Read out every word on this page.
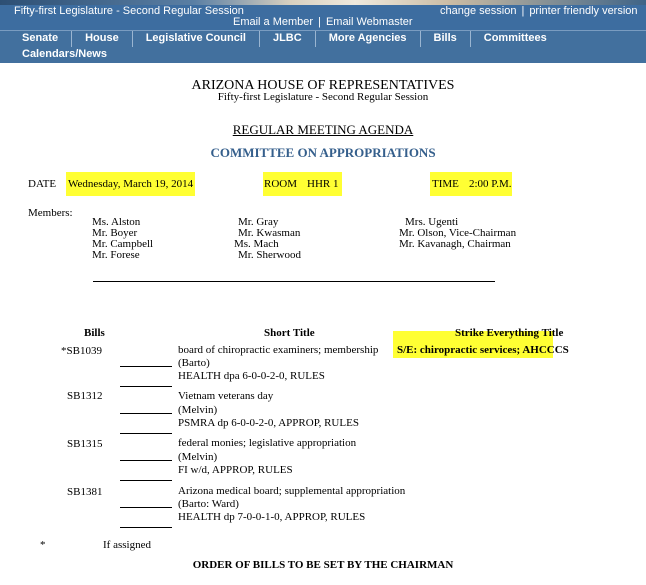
Fifty-first Legislature - Second Regular Session
Email a Member | Email Webmaster
change session | printer friendly version
Senate	House	Legislative Council	JLBC	More Agencies	Bills	Committees
Calendars/News
ARIZONA HOUSE OF REPRESENTATIVES
Fifty-first Legislature - Second Regular Session
REGULAR MEETING AGENDA
COMMITTEE ON APPROPRIATIONS
DATE Wednesday, March 19, 2014	ROOM HHR 1	TIME 2:00 P.M.
Members:
Ms. Alston
Mr. Boyer
Mr. Campbell
Mr. Forese
Mr. Gray
Mr. Kwasman
Ms. Mach
Mr. Sherwood
Mrs. Ugenti
Mr. Olson, Vice-Chairman
Mr. Kavanagh, Chairman
Bills	Short Title	Strike Everything Title
*SB1039	board of chiropractic examiners; membership
(Barto)
HEALTH dpa 6-0-0-2-0, RULES
S/E: chiropractic services; AHCCCS
SB1312	Vietnam veterans day
(Melvin)
PSMRA dp 6-0-0-2-0, APPROP, RULES
SB1315	federal monies; legislative appropriation
(Melvin)
FI w/d, APPROP, RULES
SB1381	Arizona medical board; supplemental appropriation
(Barto: Ward)
HEALTH dp 7-0-0-1-0, APPROP, RULES
*	If assigned
ORDER OF BILLS TO BE SET BY THE CHAIRMAN
